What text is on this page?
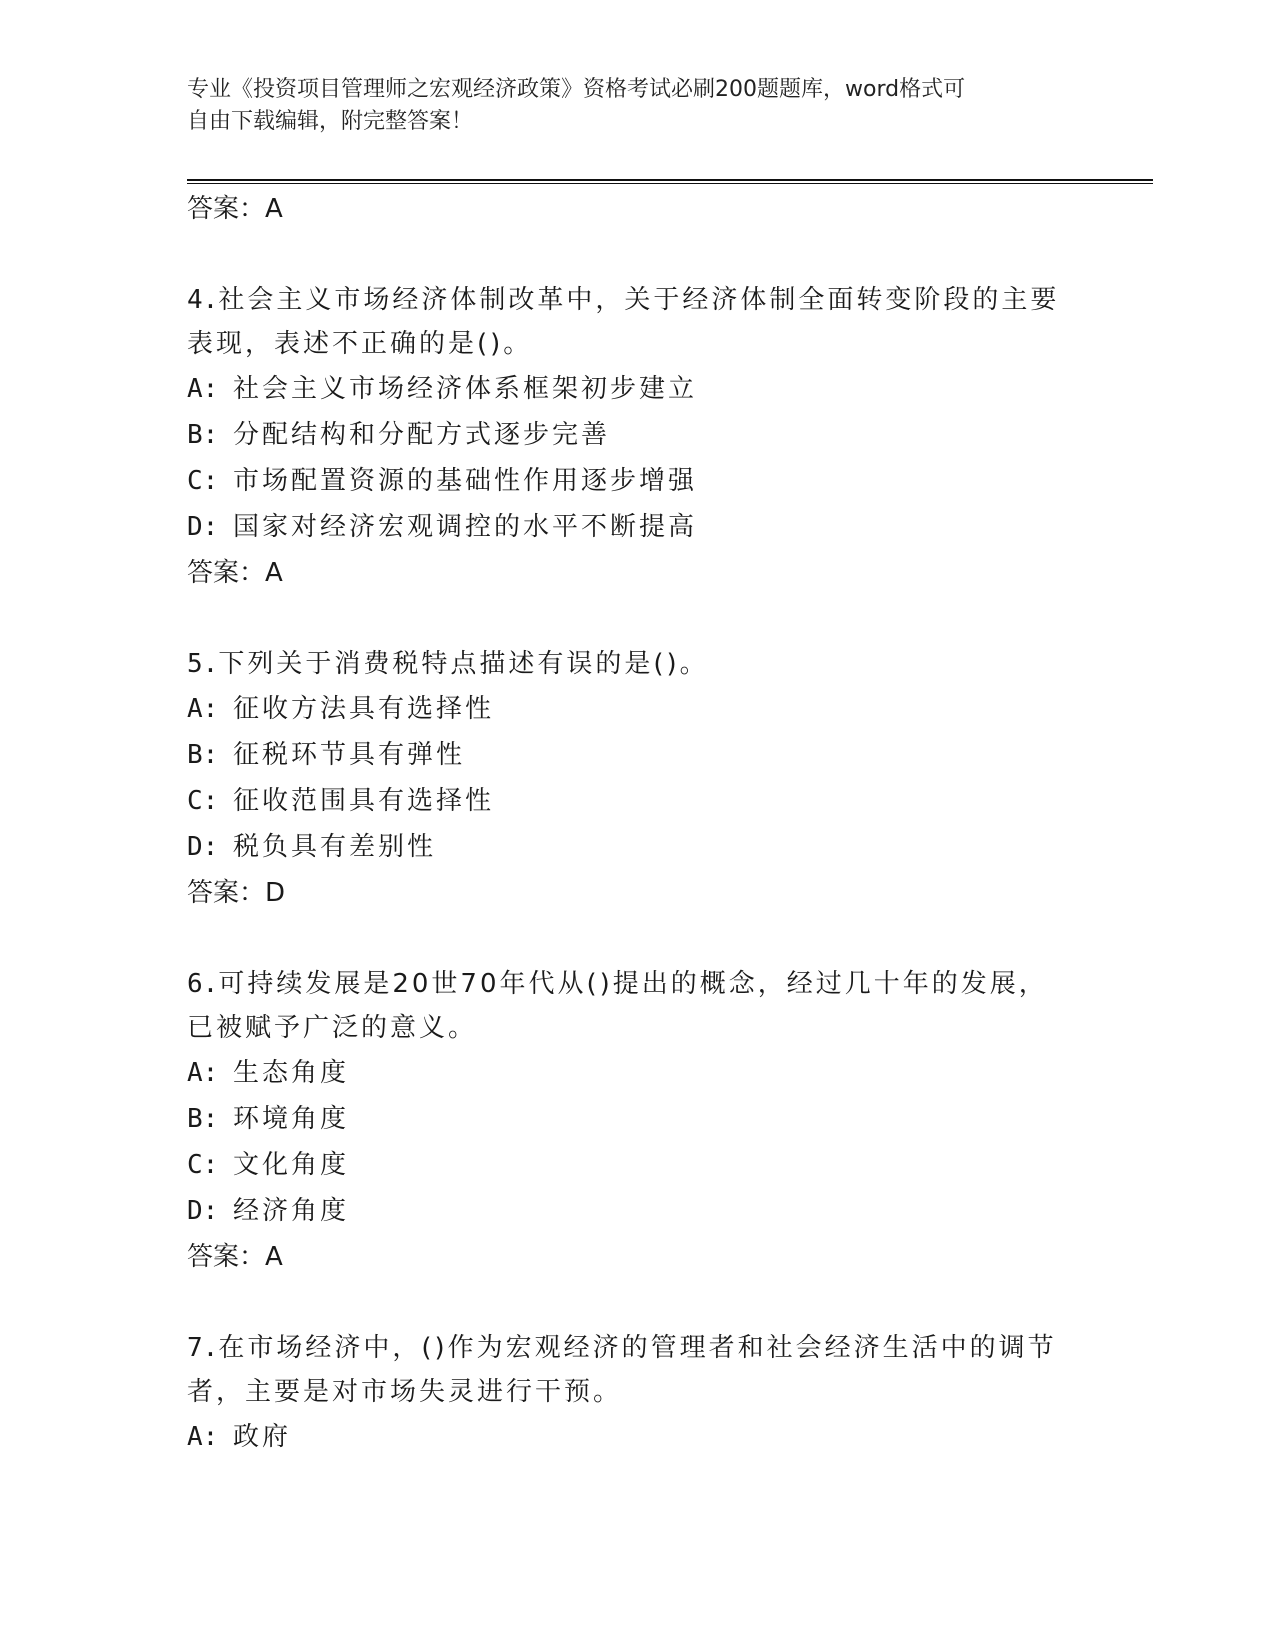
专业《投资项目管理师之宏观经济政策》资格考试必刷200题题库，word格式可
自由下载编辑，附完整答案！
答案：A
4.社会主义市场经济体制改革中，关于经济体制全面转变阶段的主要
表现，表述不正确的是()。
A: 社会主义市场经济体系框架初步建立
B: 分配结构和分配方式逐步完善
C: 市场配置资源的基础性作用逐步增强
D: 国家对经济宏观调控的水平不断提高
答案：A
5.下列关于消费税特点描述有误的是()。
A: 征收方法具有选择性
B: 征税环节具有弹性
C: 征收范围具有选择性
D: 税负具有差别性
答案：D
6.可持续发展是20世70年代从()提出的概念，经过几十年的发展，
已被赋予广泛的意义。
A: 生态角度
B: 环境角度
C: 文化角度
D: 经济角度
答案：A
7.在市场经济中，()作为宏观经济的管理者和社会经济生活中的调节
者，主要是对市场失灵进行干预。
A: 政府
